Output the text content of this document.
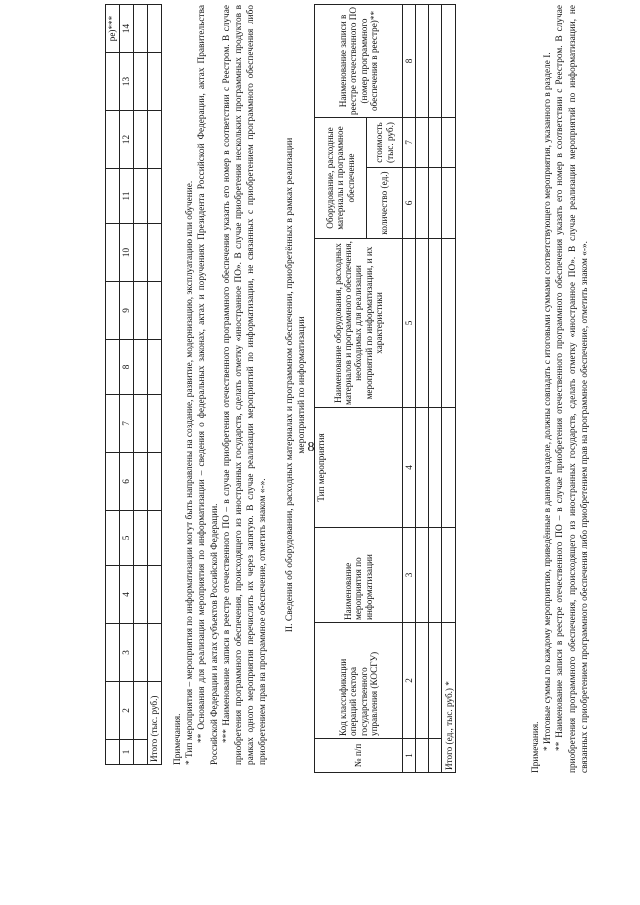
8
													ре)***
1	2	3	4	5	6	7	8	9	10	11	12	13	14

Итого (тыс. руб.)													Примечания. * Тип мероприятия – мероприятия по информатизации могут быть направлены на создание, развитие, модернизацию, эксплуатацию или обучение. ** Основания для реализации мероприятия по информатизации – сведения о федеральных законах, актах и поручениях Президента Российской Федерации, актах Правительства Российской Федерации и актах субъектов Российской Федерации. *** Наименование записи в реестре отечественного ПО – в случае приобретения отечественного программного обеспечения указать его номер в соответствии с Реестром. В случае приобретения программного обеспечения, происходящего из иностранных государств, сделать отметку «иностранное ПО». В случае приобретения нескольких программных продуктов в рамках одного мероприятия перечислить их через запятую. В случае реализации мероприятий по информатизации, не связанных с приобретением программного обеспечения либо приобретением прав на программное обеспечение, отметить знаком «-». II. Сведения об оборудовании, расходных материалах и программном обеспечении, приобретённых в рамках реализации мероприятий по информатизации
№ п/п	Код классификации операций сектора государственного управления (КОСГУ)	Наименование мероприятия по информатизации	Тип мероприятия	Наименование оборудования, расходных материалов и программного обеспечения, необходимых для реализации мероприятий по информатизации, и их характеристики	Оборудование, расходные материалы и программное обеспечение		Наименование записи в реестре отечественного ПО (номер программного обеспечения в реестре)**
					количество (ед.)	стоимость (тыс. руб.)	
1	2	3	4	5	6	7	8

Итого (ед., тыс. руб.) *								Примечания. * Итоговые суммы по каждому мероприятию, приведённые в данном разделе, должны совпадать с итоговыми суммами соответствующего мероприятия, указанного в разделе I. ** Наименование записи в реестре отечественного ПО – в случае приобретения отечественного программного обеспечения указать его номер в соответствии с Реестром. В случае приобретения программного обеспечения, происходящего из иностранных государств, сделать отметку «иностранное ПО». В случае реализации мероприятий по информатизации, не связанных с приобретением программного обеспечения либо приобретением прав на программное обеспечение, отметить знаком «-».
